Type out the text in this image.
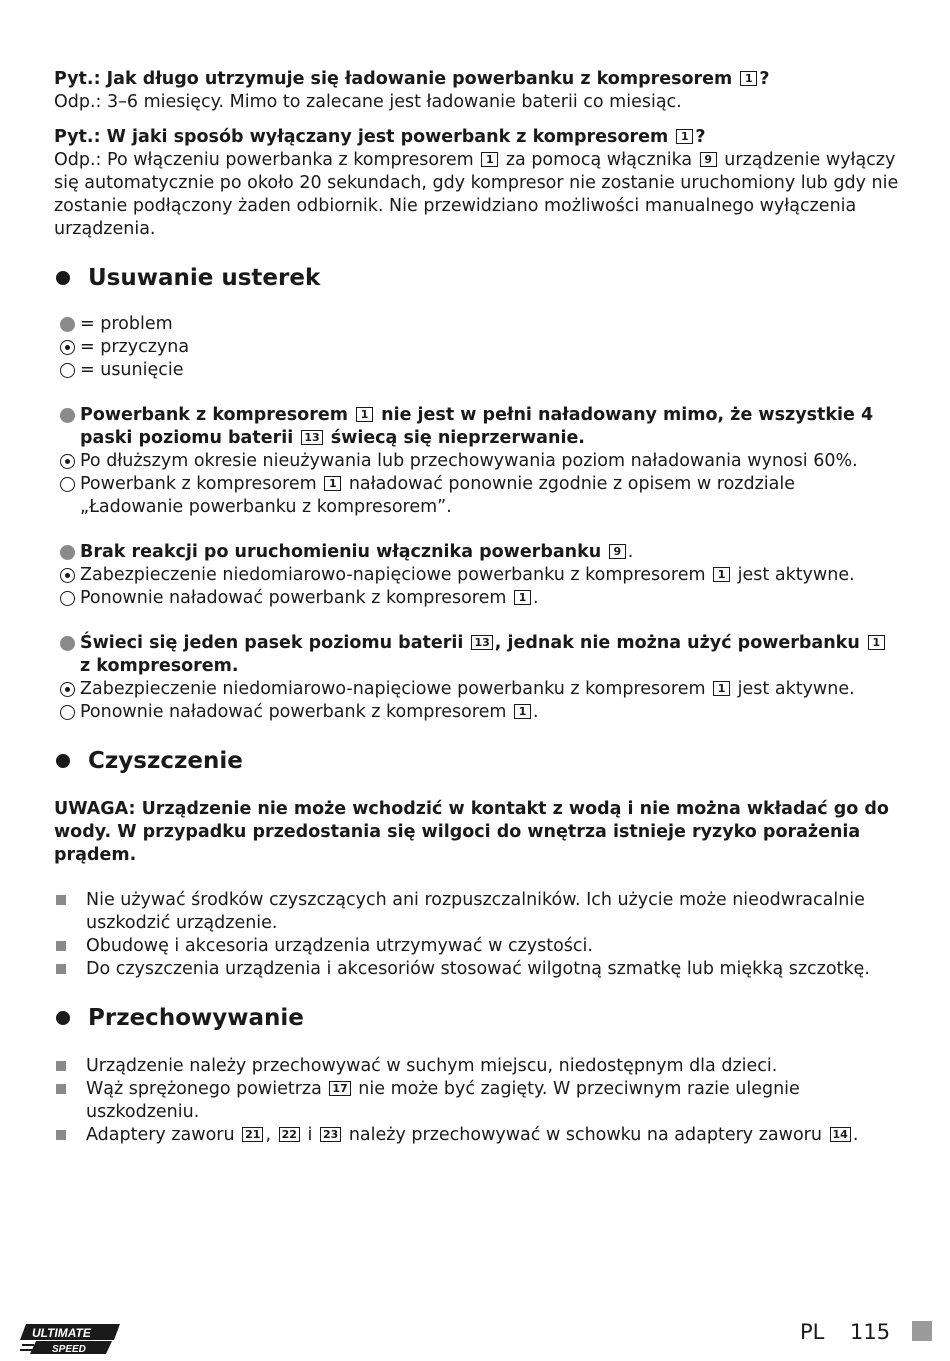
Pyt.: Jak długo utrzymuje się ładowanie powerbanku z kompresorem 1 ?

Odp.: 3–6 miesięcy. Mimo to zalecane jest ładowanie baterii co miesiąc.

Pyt.: W jaki sposób wyłączany jest powerbank z kompresorem 1 ?

Odp.: Po włączeniu powerbanka z kompresorem 1 za pomocą włącznika 9 urządzenie wyłączy się automatycznie po około 20 sekundach, gdy kompresor nie zostanie uruchomiony lub gdy nie zostanie podłączony żaden odbiornik. Nie przewidziano możliwości manualnego wyłączenia urządzenia.

Usuwanie usterek
= problem
= przyczyna
= usunięcie
Powerbank z kompresorem 1 nie jest w pełni naładowany mimo, że wszystkie 4 paski poziomu baterii 13 świecą się nieprzerwanie.
Po dłuższym okresie nieużywania lub przechowywania poziom naładowania wynosi 60%.
Powerbank z kompresorem 1 naładować ponownie zgodnie z opisem w rozdziale „Ładowanie powerbanku z kompresorem”.
Brak reakcji po uruchomieniu włącznika powerbanku 9 .
Zabezpieczenie niedomiarowo-napięciowe powerbanku z kompresorem 1 jest aktywne.
Ponownie naładować powerbank z kompresorem 1 .
Świeci się jeden pasek poziomu baterii 13 , jednak nie można użyć powerbanku 1 z kompresorem.
Zabezpieczenie niedomiarowo-napięciowe powerbanku z kompresorem 1 jest aktywne.
Ponownie naładować powerbank z kompresorem 1 .
Czyszczenie

UWAGA: Urządzenie nie może wchodzić w kontakt z wodą i nie można wkładać go do wody. W przypadku przedostania się wilgoci do wnętrza istnieje ryzyko porażenia prądem.

Nie używać środków czyszczących ani rozpuszczalników. Ich użycie może nieodwracalnie uszkodzić urządzenie.
Obudowę i akcesoria urządzenia utrzymywać w czystości.
Do czyszczenia urządzenia i akcesoriów stosować wilgotną szmatkę lub miękką szczotkę.
Przechowywanie
Urządzenie należy przechowywać w suchym miejscu, niedostępnym dla dzieci.
Wąż sprężonego powietrza 17 nie może być zagięty. W przeciwnym razie ulegnie uszkodzeniu.
Adaptery zaworu 21 , 22 i 23 należy przechowywać w schowku na adaptery zaworu 14 .
ULTIMATE
SPEED
PL 115
